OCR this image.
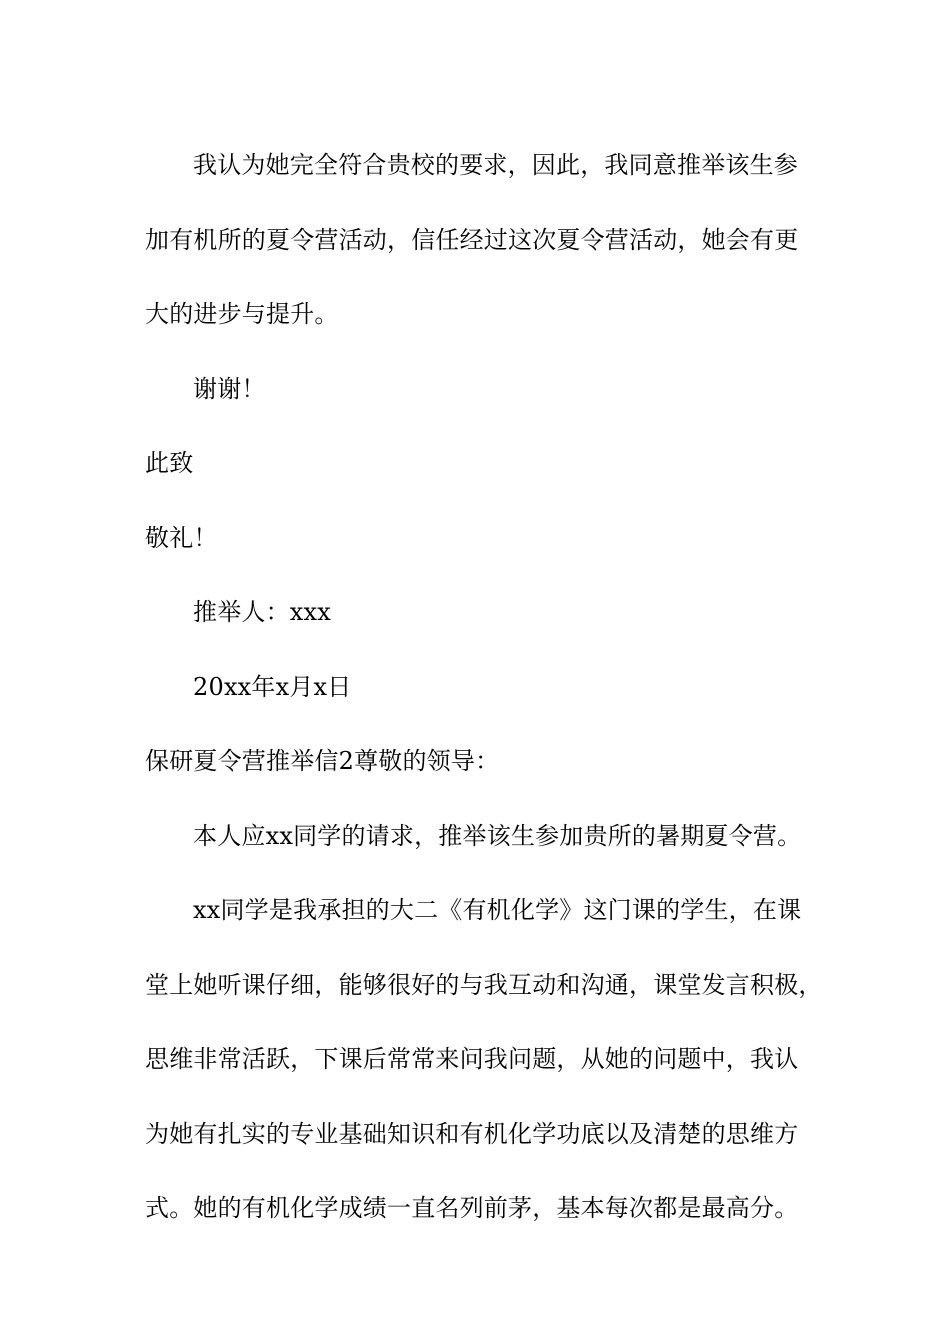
我认为她完全符合贵校的要求，因此，我同意推举该生参
加有机所的夏令营活动，信任经过这次夏令营活动，她会有更
大的进步与提升。
谢谢！
此致
敬礼！
推举人：xxx
20xx年x月x日
保研夏令营推举信2尊敬的领导：
本人应xx同学的请求，推举该生参加贵所的暑期夏令营。
xx同学是我承担的大二《有机化学》这门课的学生，在课
堂上她听课仔细，能够很好的与我互动和沟通，课堂发言积极，
思维非常活跃，下课后常常来问我问题，从她的问题中，我认
为她有扎实的专业基础知识和有机化学功底以及清楚的思维方
式。她的有机化学成绩一直名列前茅，基本每次都是最高分。
